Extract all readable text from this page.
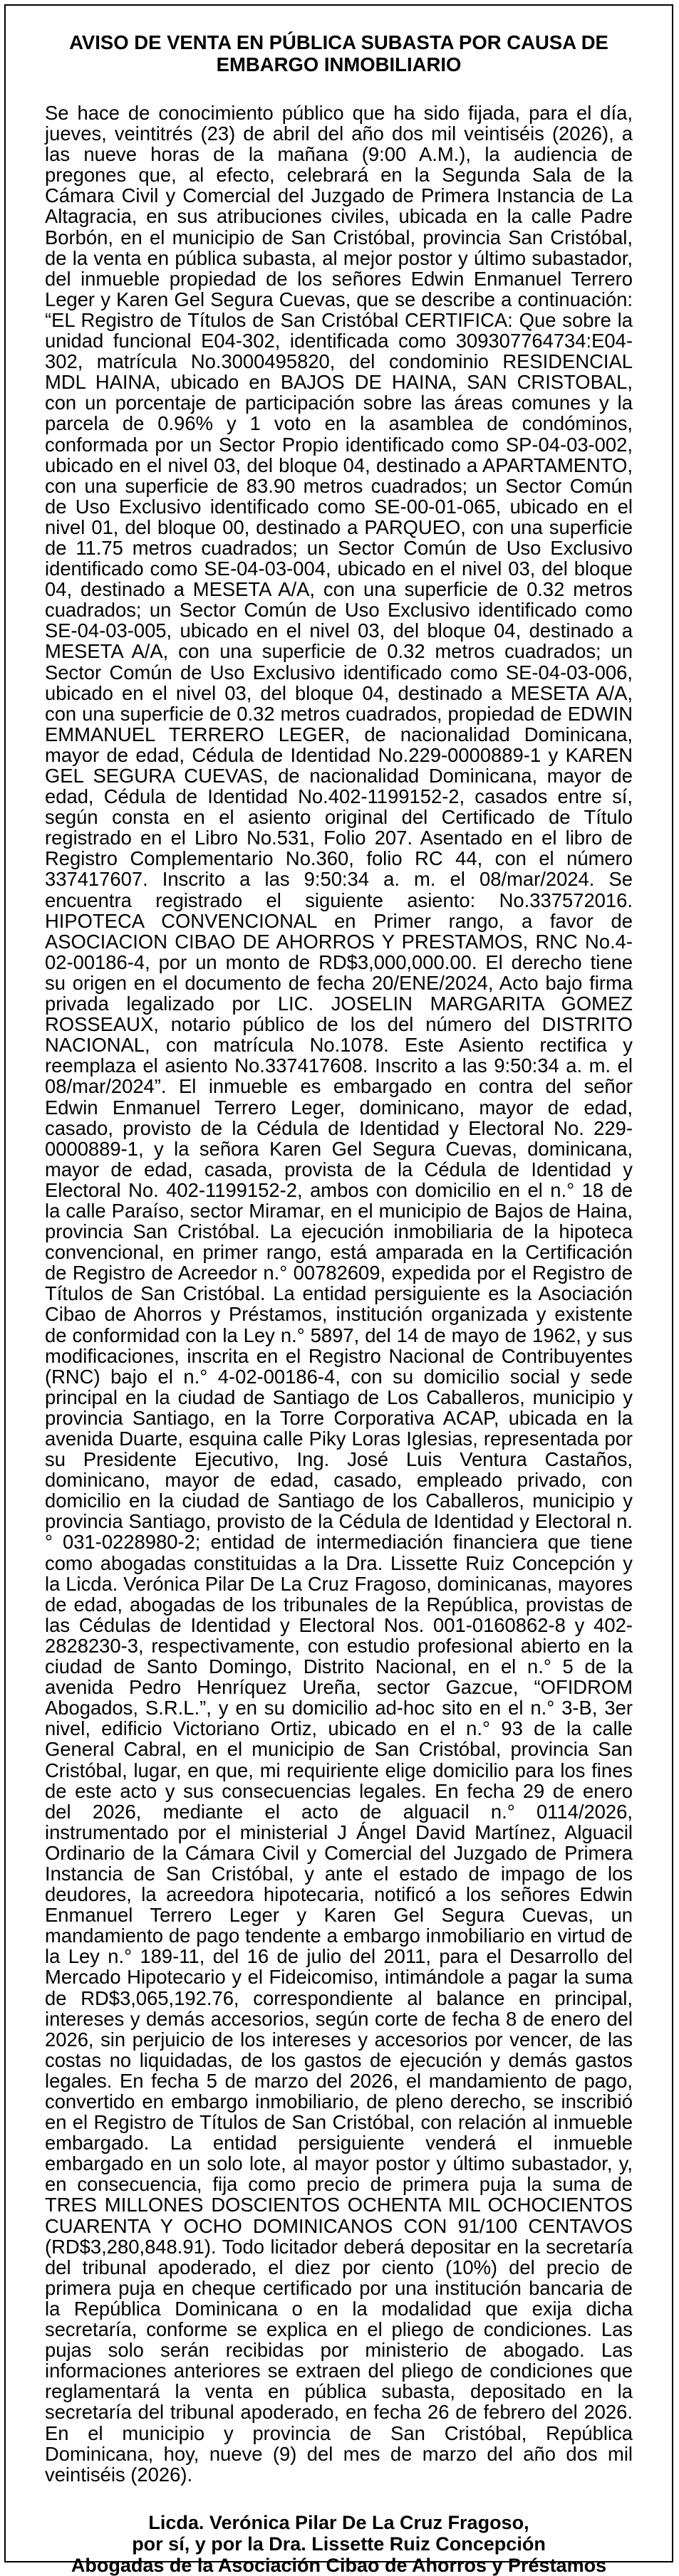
AVISO DE VENTA EN PÚBLICA SUBASTA POR CAUSA DE EMBARGO INMOBILIARIO

Se hace de conocimiento público que ha sido fijada, para el día, jueves, veintitrés (23) de abril del año dos mil veintiséis (2026), a las nueve horas de la mañana (9:00 A.M.), la audiencia de pregones que, al efecto, celebrará en la Segunda Sala de la Cámara Civil y Comercial del Juzgado de Primera Instancia de La Altagracia, en sus atribuciones civiles, ubicada en la calle Padre Borbón, en el municipio de San Cristóbal, provincia San Cristóbal, de la venta en pública subasta, al mejor postor y último subastador, del inmueble propiedad de los señores Edwin Enmanuel Terrero Leger y Karen Gel Segura Cuevas, que se describe a continuación: “EL Registro de Títulos de San Cristóbal CERTIFICA: Que sobre la unidad funcional E04-302, identificada como 309307764734:E04-302, matrícula No.3000495820, del condominio RESIDENCIAL MDL HAINA, ubicado en BAJOS DE HAINA, SAN CRISTOBAL, con un porcentaje de participación sobre las áreas comunes y la parcela de 0.96% y 1 voto en la asamblea de condóminos, conformada por un Sector Propio identificado como SP-04-03-002, ubicado en el nivel 03, del bloque 04, destinado a APARTAMENTO, con una superficie de 83.90 metros cuadrados; un Sector Común de Uso Exclusivo identificado como SE-00-01-065, ubicado en el nivel 01, del bloque 00, destinado a PARQUEO, con una superficie de 11.75 metros cuadrados; un Sector Común de Uso Exclusivo identificado como SE-04-03-004, ubicado en el nivel 03, del bloque 04, destinado a MESETA A/A, con una superficie de 0.32 metros cuadrados; un Sector Común de Uso Exclusivo identificado como SE-04-03-005, ubicado en el nivel 03, del bloque 04, destinado a MESETA A/A, con una superficie de 0.32 metros cuadrados; un Sector Común de Uso Exclusivo identificado como SE-04-03-006, ubicado en el nivel 03, del bloque 04, destinado a MESETA A/A, con una superficie de 0.32 metros cuadrados, propiedad de EDWIN EMMANUEL TERRERO LEGER, de nacionalidad Dominicana, mayor de edad, Cédula de Identidad No.229-0000889-1 y KAREN GEL SEGURA CUEVAS, de nacionalidad Dominicana, mayor de edad, Cédula de Identidad No.402-1199152-2, casados entre sí, según consta en el asiento original del Certificado de Título registrado en el Libro No.531, Folio 207. Asentado en el libro de Registro Complementario No.360, folio RC 44, con el número 337417607. Inscrito a las 9:50:34 a. m. el 08/mar/2024. Se encuentra registrado el siguiente asiento: No.337572016. HIPOTECA CONVENCIONAL en Primer rango, a favor de ASOCIACION CIBAO DE AHORROS Y PRESTAMOS, RNC No.4-02-00186-4, por un monto de RD$3,000,000.00. El derecho tiene su origen en el documento de fecha 20/ENE/2024, Acto bajo firma privada legalizado por LIC. JOSELIN MARGARITA GOMEZ ROSSEAUX, notario público de los del número del DISTRITO NACIONAL, con matrícula No.1078. Este Asiento rectifica y reemplaza el asiento No.337417608. Inscrito a las 9:50:34 a. m. el 08/mar/2024”. El inmueble es embargado en contra del señor Edwin Enmanuel Terrero Leger, dominicano, mayor de edad, casado, provisto de la Cédula de Identidad y Electoral No. 229-0000889-1, y la señora Karen Gel Segura Cuevas, dominicana, mayor de edad, casada, provista de la Cédula de Identidad y Electoral No. 402-1199152-2, ambos con domicilio en el n.° 18 de la calle Paraíso, sector Miramar, en el municipio de Bajos de Haina, provincia San Cristóbal. La ejecución inmobiliaria de la hipoteca convencional, en primer rango, está amparada en la Certificación de Registro de Acreedor n.° 00782609, expedida por el Registro de Títulos de San Cristóbal. La entidad persiguiente es la Asociación Cibao de Ahorros y Préstamos, institución organizada y existente de conformidad con la Ley n.° 5897, del 14 de mayo de 1962, y sus modificaciones, inscrita en el Registro Nacional de Contribuyentes (RNC) bajo el n.° 4-02-00186-4, con su domicilio social y sede principal en la ciudad de Santiago de Los Caballeros, municipio y provincia Santiago, en la Torre Corporativa ACAP, ubicada en la avenida Duarte, esquina calle Piky Loras Iglesias, representada por su Presidente Ejecutivo, Ing. José Luis Ventura Castaños, dominicano, mayor de edad, casado, empleado privado, con domicilio en la ciudad de Santiago de los Caballeros, municipio y provincia Santiago, provisto de la Cédula de Identidad y Electoral n.° 031-0228980-2; entidad de intermediación financiera que tiene como abogadas constituidas a la Dra. Lissette Ruiz Concepción y la Licda. Verónica Pilar De La Cruz Fragoso, dominicanas, mayores de edad, abogadas de los tribunales de la República, provistas de las Cédulas de Identidad y Electoral Nos. 001-0160862-8 y 402-2828230-3, respectivamente, con estudio profesional abierto en la ciudad de Santo Domingo, Distrito Nacional, en el n.° 5 de la avenida Pedro Henríquez Ureña, sector Gazcue, “OFIDROM Abogados, S.R.L.”, y en su domicilio ad-hoc sito en el n.° 3-B, 3er nivel, edificio Victoriano Ortiz, ubicado en el n.° 93 de la calle General Cabral, en el municipio de San Cristóbal, provincia San Cristóbal, lugar, en que, mi requiriente elige domicilio para los fines de este acto y sus consecuencias legales. En fecha 29 de enero del 2026, mediante el acto de alguacil n.° 0114/2026, instrumentado por el ministerial J Ángel David Martínez, Alguacil Ordinario de la Cámara Civil y Comercial del Juzgado de Primera Instancia de San Cristóbal, y ante el estado de impago de los deudores, la acreedora hipotecaria, notificó a los señores Edwin Enmanuel Terrero Leger y Karen Gel Segura Cuevas, un mandamiento de pago tendente a embargo inmobiliario en virtud de la Ley n.° 189-11, del 16 de julio del 2011, para el Desarrollo del Mercado Hipotecario y el Fideicomiso, intimándole a pagar la suma de RD$3,065,192.76, correspondiente al balance en principal, intereses y demás accesorios, según corte de fecha 8 de enero del 2026, sin perjuicio de los intereses y accesorios por vencer, de las costas no liquidadas, de los gastos de ejecución y demás gastos legales. En fecha 5 de marzo del 2026, el mandamiento de pago, convertido en embargo inmobiliario, de pleno derecho, se inscribió en el Registro de Títulos de San Cristóbal, con relación al inmueble embargado. La entidad persiguiente venderá el inmueble embargado en un solo lote, al mayor postor y último subastador, y, en consecuencia, fija como precio de primera puja la suma de TRES MILLONES DOSCIENTOS OCHENTA MIL OCHOCIENTOS CUARENTA Y OCHO DOMINICANOS CON 91/100 CENTAVOS (RD$3,280,848.91). Todo licitador deberá depositar en la secretaría del tribunal apoderado, el diez por ciento (10%) del precio de primera puja en cheque certificado por una institución bancaria de la República Dominicana o en la modalidad que exija dicha secretaría, conforme se explica en el pliego de condiciones. Las pujas solo serán recibidas por ministerio de abogado. Las informaciones anteriores se extraen del pliego de condiciones que reglamentará la venta en pública subasta, depositado en la secretaría del tribunal apoderado, en fecha 26 de febrero del 2026. En el municipio y provincia de San Cristóbal, República Dominicana, hoy, nueve (9) del mes de marzo del año dos mil veintiséis (2026).

Licda. Verónica Pilar De La Cruz Fragoso,
por sí, y por la Dra. Lissette Ruiz Concepción
Abogadas de la Asociación Cibao de Ahorros y Préstamos
